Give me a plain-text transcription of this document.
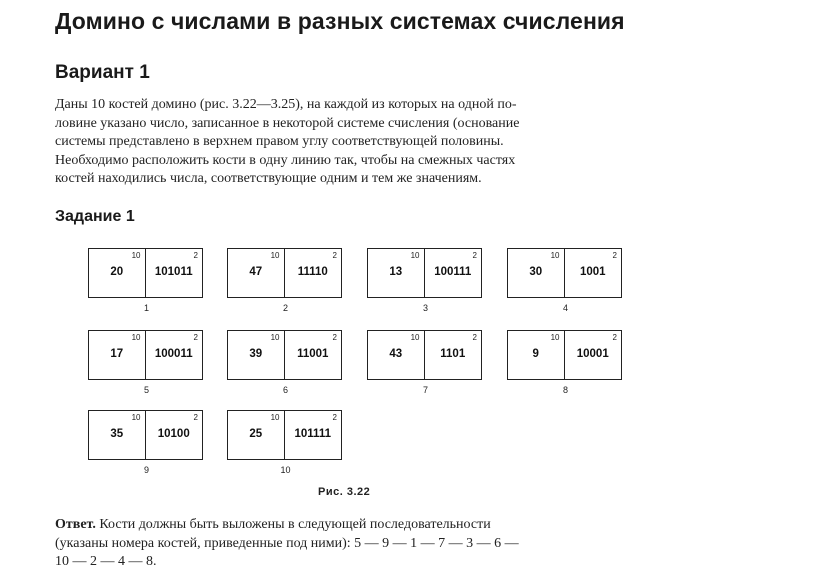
Домино с числами в разных системах счисления
Вариант 1
Даны 10 костей домино (рис. 3.22—3.25), на каждой из которых на одной по-
ловине указано число, записанное в некоторой системе счисления (основание
системы представлено в верхнем правом углу соответствующей половины.
Необходимо расположить кости в одну линию так, чтобы на смежных частях
костей находились числа, соответствующие одним и тем же значениям.
Задание 1
10
20
2
101011
1
10
47
2
11110
2
10
13
2
100111
3
10
30
2
1001
4
10
17
2
100011
5
10
39
2
11001
6
10
43
2
1101
7
10
9
2
10001
8
10
35
2
10100
9
10
25
2
101111
10
Рис. 3.22
Ответ. Кости должны быть выложены в следующей последовательности
(указаны номера костей, приведенные под ними): 5 — 9 — 1 — 7 — 3 — 6 —
10 — 2 — 4 — 8.
